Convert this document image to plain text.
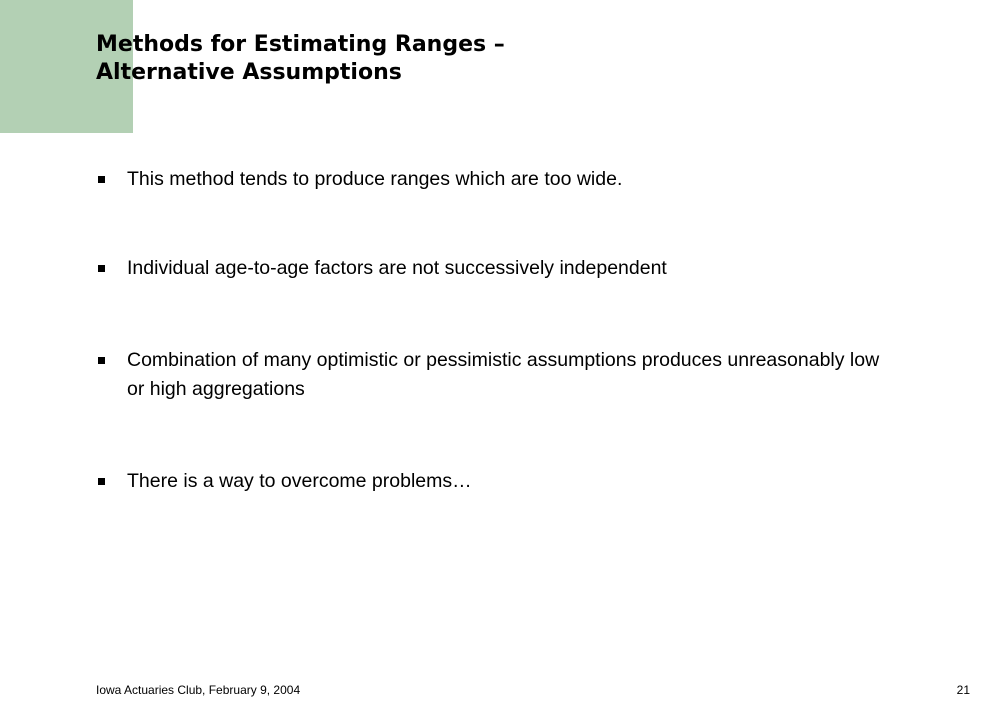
Methods for Estimating Ranges –
Alternative Assumptions
This method tends to produce ranges which are too wide.
Individual age-to-age factors are not successively independent
Combination of many optimistic or pessimistic assumptions produces unreasonably low or high aggregations
There is a way to overcome problems…
Iowa Actuaries Club, February 9, 2004	21
